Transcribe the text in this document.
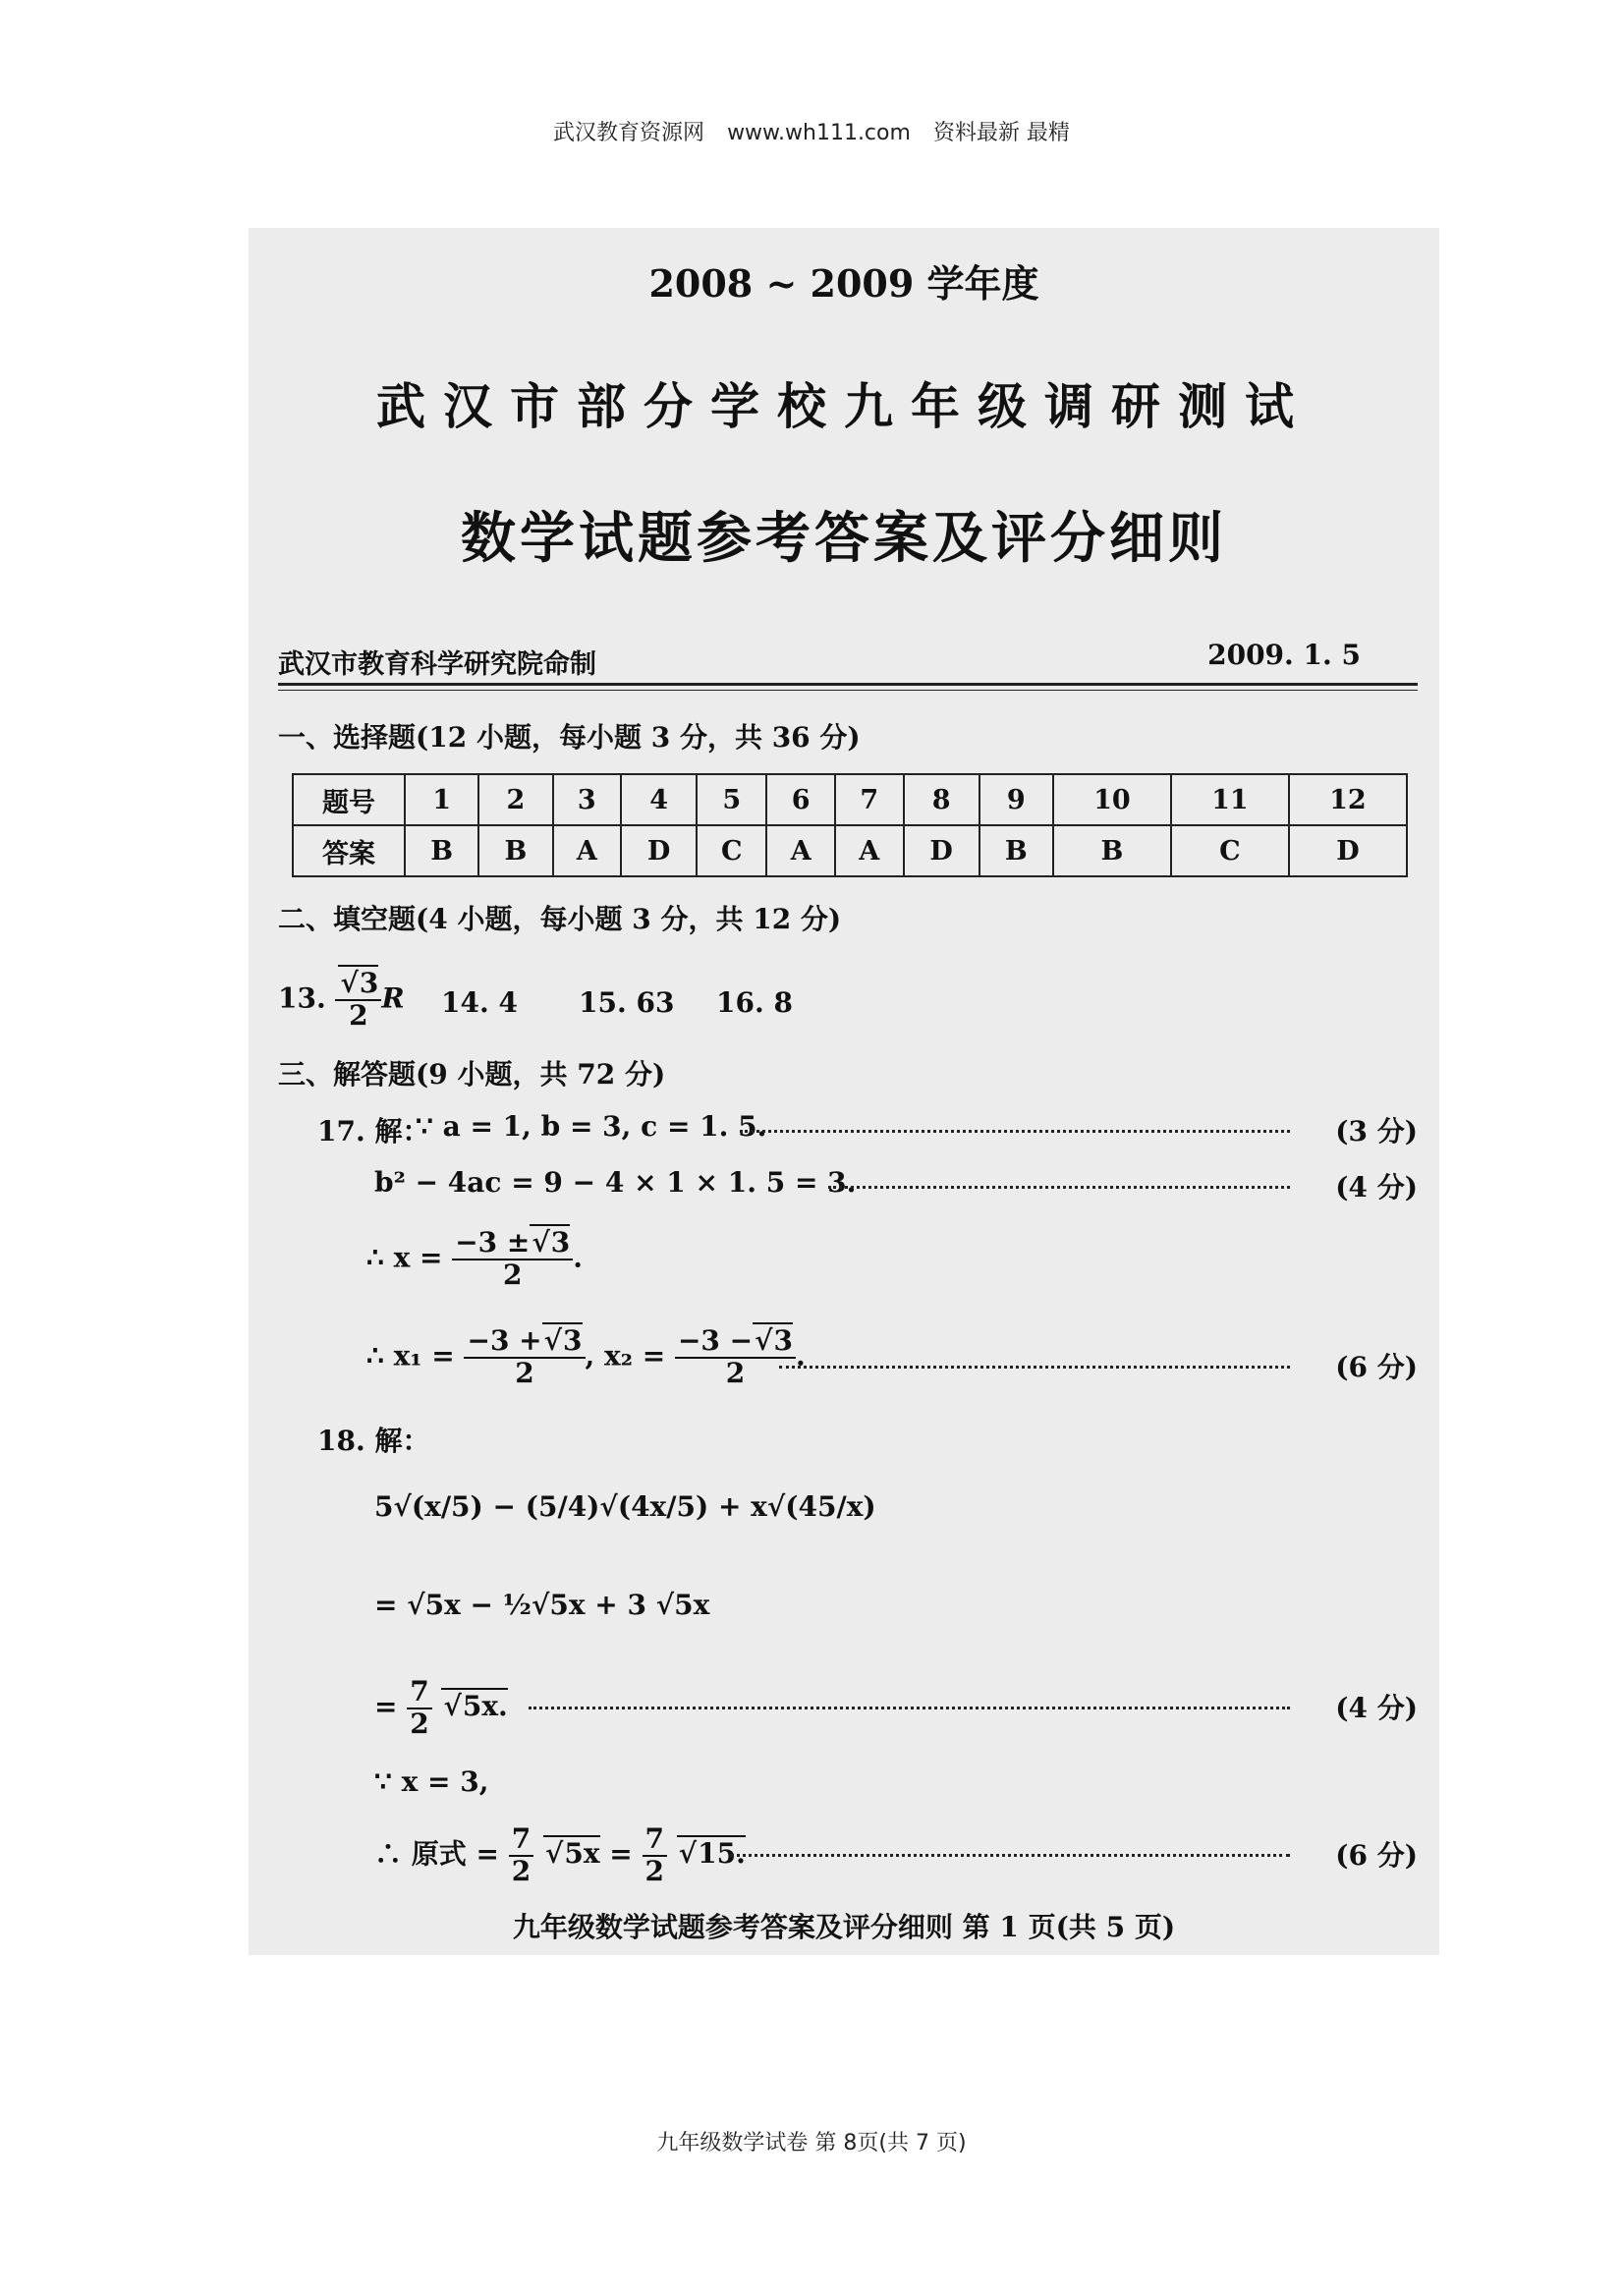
武汉教育资源网 www.wh111.com 资料最新 最精
2008 ~ 2009 学年度
武汉市部分学校九年级调研测试
数学试题参考答案及评分细则
武汉市教育科学研究院命制	2009. 1. 5
一、选择题(12 小题，每小题 3 分，共 36 分)
题号	1	2	3	4	5	6	7	8	9	10	11	12
答案	B	B	A	D	C	A	A	D	B	B	C	D
二、填空题(4 小题，每小题 3 分，共 12 分)
13. √ $\frac{3}{2}$ R 14. 4 15. 63 16. 8
三、解答题(9 小题，共 72 分)
17. 解：
∵ a = 1, b = 3, c = 1. 5.	(3 分)
b² − 4ac = 9 − 4 × 1 × 1. 5 = 3.	(4 分)
∴ $x = \frac{-3 \pm √ 3}{2}$ .
∴ $x_1 = \frac{-3 + √ 3}{2}$ , $x_2 = \frac{-3 - √ 3}{2}$ .	(6 分)
18. 解：
5√(x/5) − (5/4)√(4x/5) + x√(45/x)
= √5x − ½√5x + 3 √5x
= $\frac{7}{2}$ √ 5x.	(4 分)
∵ x = 3,
∴ 原式 = $\frac{7}{2}$ √ $5x = \frac{7}{2}$ √ 15.	(6 分)
九年级数学试题参考答案及评分细则 第 1 页(共 5 页)
九年级数学试卷 第 8页(共 7 页)
